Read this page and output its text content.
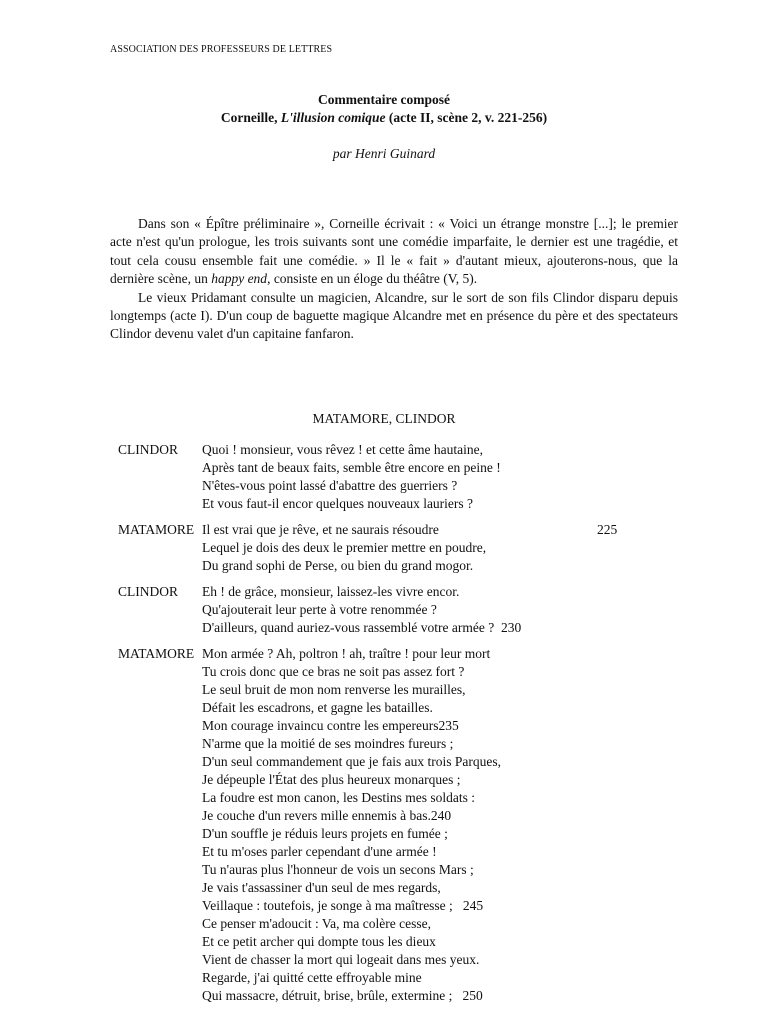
ASSOCIATION DES PROFESSEURS DE LETTRES
Commentaire composé
Corneille, L'illusion comique (acte II, scène 2, v. 221-256)
par Henri Guinard

Dans son « Épître préliminaire », Corneille écrivait : « Voici un étrange monstre [...]; le premier acte n'est qu'un prologue, les trois suivants sont une comédie imparfaite, le dernier est une tragédie, et tout cela cousu ensemble fait une comédie. » Il le « fait » d'autant mieux, ajouterons-nous, que la dernière scène, un happy end, consiste en un éloge du théâtre (V, 5).

Le vieux Pridamant consulte un magicien, Alcandre, sur le sort de son fils Clindor disparu depuis longtemps (acte I). D'un coup de baguette magique Alcandre met en présence du père et des spectateurs Clindor devenu valet d'un capitaine fanfaron.

MATAMORE, CLINDOR
CLINDOR	Quoi ! monsieur, vous rêvez ! et cette âme hautaine,
Après tant de beaux faits, semble être encore en peine !
N'êtes-vous point lassé d'abattre des guerriers ?
Et vous faut-il encor quelques nouveaux lauriers ?
MATAMORE Il est vrai que je rêve, et ne saurais résoudre	225
Lequel je dois des deux le premier mettre en poudre,
Du grand sophi de Perse, ou bien du grand mogor.
CLINDOR	Eh ! de grâce, monsieur, laissez-les vivre encor.
Qu'ajouterait leur perte à votre renommée ?
D'ailleurs, quand auriez-vous rassemblé votre armée ?  230
MATAMORE Mon armée ? Ah, poltron ! ah, traître ! pour leur mort
Tu crois donc que ce bras ne soit pas assez fort ?
Le seul bruit de mon nom renverse les murailles,
Défait les escadrons, et gagne les batailles.
Mon courage invaincu contre les empereurs235
N'arme que la moitié de ses moindres fureurs ;
D'un seul commandement que je fais aux trois Parques,
Je dépeuple l'État des plus heureux monarques ;
La foudre est mon canon, les Destins mes soldats :
Je couche d'un revers mille ennemis à bas.240
D'un souffle je réduis leurs projets en fumée ;
Et tu m'oses parler cependant d'une armée !
Tu n'auras plus l'honneur de vois un secons Mars ;
Je vais t'assassiner d'un seul de mes regards,
Veillaque : toutefois, je songe à ma maîtresse ;   245
Ce penser m'adoucit : Va, ma colère cesse,
Et ce petit archer qui dompte tous les dieux
Vient de chasser la mort qui logeait dans mes yeux.
Regarde, j'ai quitté cette effroyable mine
Qui massacre, détruit, brise, brûle, extermine ;   250
